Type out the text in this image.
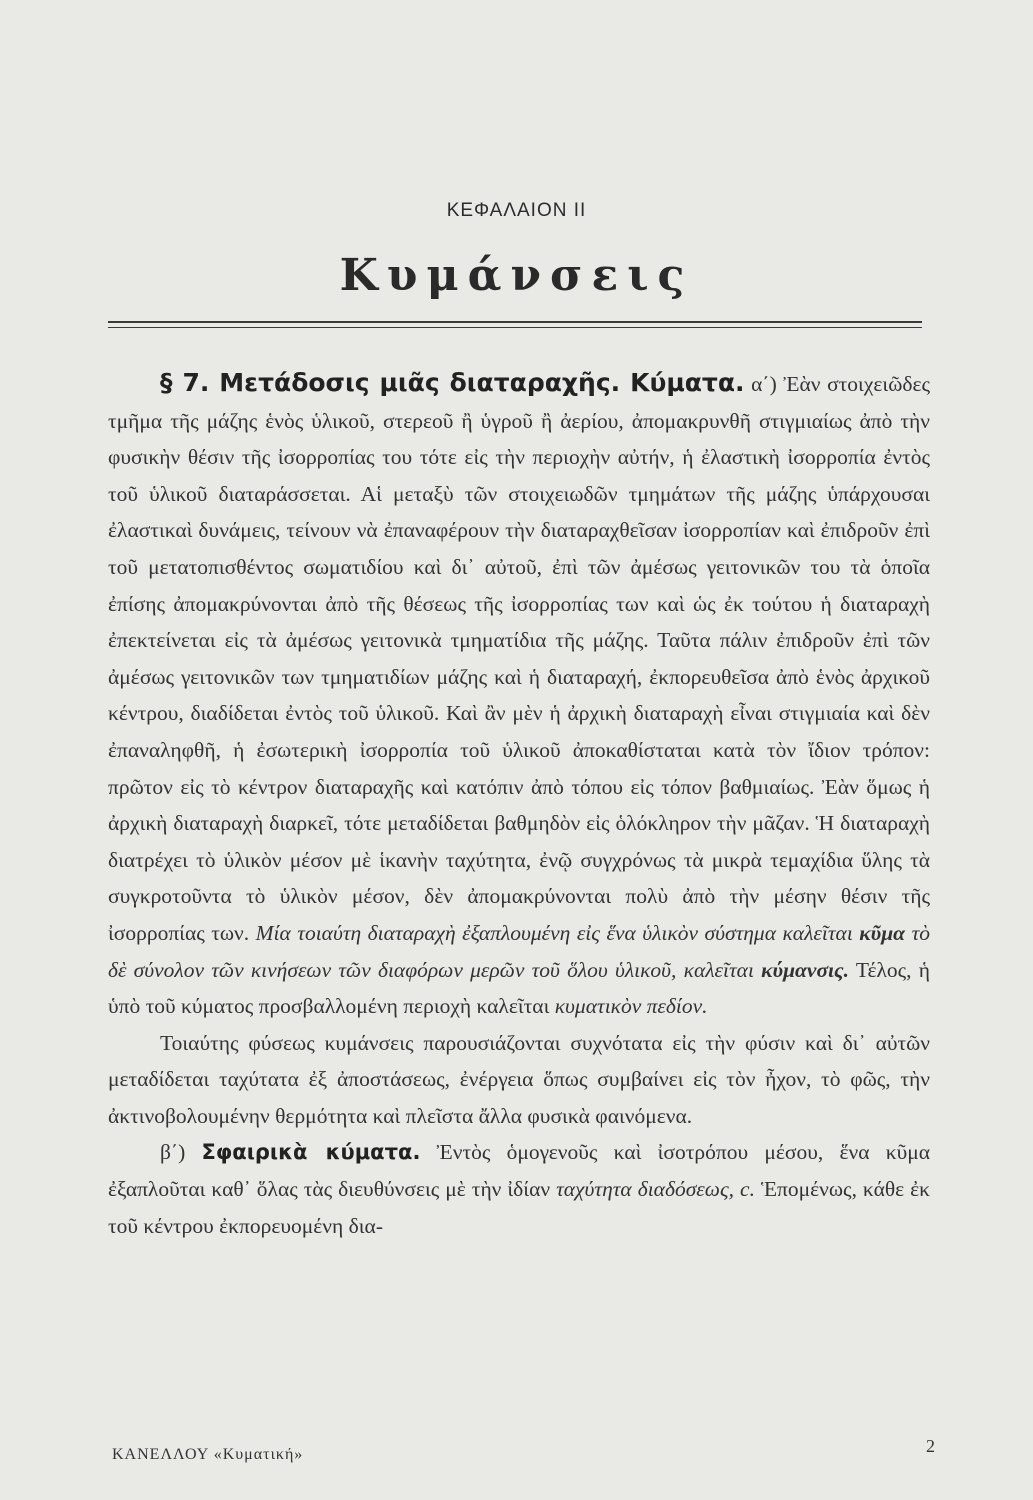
ΚΕΦΑΛΑΙΟΝ ΙΙ
Κυμάνσεις

§ 7. Μετάδοσις μιᾶς διαταραχῆς. Κύματα. α΄) Ἐὰν στοιχειῶδες τμῆμα τῆς μάζης ἑνὸς ὑλικοῦ, στερεοῦ ἢ ὑγροῦ ἢ ἀερίου, ἀπομακρυνθῆ στιγμιαίως ἀπὸ τὴν φυσικὴν θέσιν τῆς ἰσορροπίας του τότε εἰς τὴν περιοχὴν αὐτήν, ἡ ἐλαστικὴ ἰσορροπία ἐντὸς τοῦ ὑλικοῦ διαταράσσεται. Αἱ μεταξὺ τῶν στοιχειωδῶν τμημάτων τῆς μάζης ὑπάρχουσαι ἐλαστικαὶ δυνάμεις, τείνουν νὰ ἐπαναφέρουν τὴν διαταραχθεῖσαν ἰσορροπίαν καὶ ἐπιδροῦν ἐπὶ τοῦ μετατοπισθέντος σωματιδίου καὶ δι᾽ αὐτοῦ, ἐπὶ τῶν ἀμέσως γειτονικῶν του τὰ ὁποῖα ἐπίσης ἀπομακρύνονται ἀπὸ τῆς θέσεως τῆς ἰσορροπίας των καὶ ὡς ἐκ τούτου ἡ διαταραχὴ ἐπεκτείνεται εἰς τὰ ἀμέσως γειτονικὰ τμηματίδια τῆς μάζης. Ταῦτα πάλιν ἐπιδροῦν ἐπὶ τῶν ἀμέσως γειτονικῶν των τμηματιδίων μάζης καὶ ἡ διαταραχή, ἐκπορευθεῖσα ἀπὸ ἑνὸς ἀρχικοῦ κέντρου, διαδίδεται ἐντὸς τοῦ ὑλικοῦ. Καὶ ἂν μὲν ἡ ἀρχικὴ διαταραχὴ εἶναι στιγμιαία καὶ δὲν ἐπαναληφθῆ, ἡ ἐσωτερικὴ ἰσορροπία τοῦ ὑλικοῦ ἀποκαθίσταται κατὰ τὸν ἴδιον τρόπον: πρῶτον εἰς τὸ κέντρον διαταραχῆς καὶ κατόπιν ἀπὸ τόπου εἰς τόπον βαθμιαίως. Ἐὰν ὅμως ἡ ἀρχικὴ διαταραχὴ διαρκεῖ, τότε μεταδίδεται βαθμηδὸν εἰς ὁλόκληρον τὴν μᾶζαν. Ἡ διαταραχὴ διατρέχει τὸ ὑλικὸν μέσον μὲ ἱκανὴν ταχύτητα, ἐνῷ συγχρόνως τὰ μικρὰ τεμαχίδια ὕλης τὰ συγκροτοῦντα τὸ ὑλικὸν μέσον, δὲν ἀπομακρύνονται πολὺ ἀπὸ τὴν μέσην θέσιν τῆς ἰσορροπίας των. Μία τοιαύτη διαταραχὴ ἐξαπλουμένη εἰς ἕνα ὑλικὸν σύστημα καλεῖται κῦμα τὸ δὲ σύνολον τῶν κινήσεων τῶν διαφόρων μερῶν τοῦ ὅλου ὑλικοῦ, καλεῖται κύμανσις. Τέλος, ἡ ὑπὸ τοῦ κύματος προσβαλλομένη περιοχὴ καλεῖται κυματικὸν πεδίον.

Τοιαύτης φύσεως κυμάνσεις παρουσιάζονται συχνότατα εἰς τὴν φύσιν καὶ δι᾽ αὐτῶν μεταδίδεται ταχύτατα ἐξ ἀποστάσεως, ἐνέργεια ὅπως συμβαίνει εἰς τὸν ἦχον, τὸ φῶς, τὴν ἀκτινοβολουμένην θερμότητα καὶ πλεῖστα ἄλλα φυσικὰ φαινόμενα.

β΄) Σφαιρικὰ κύματα. Ἐντὸς ὁμογενοῦς καὶ ἰσοτρόπου μέσου, ἕνα κῦμα ἐξαπλοῦται καθ᾽ ὅλας τὰς διευθύνσεις μὲ τὴν ἰδίαν ταχύτητα διαδόσεως, c. Ἑπομένως, κάθε ἐκ τοῦ κέντρου ἐκπορευομένη δια-

ΚΑΝΕΛΛΟΥ «Κυματική»	2
